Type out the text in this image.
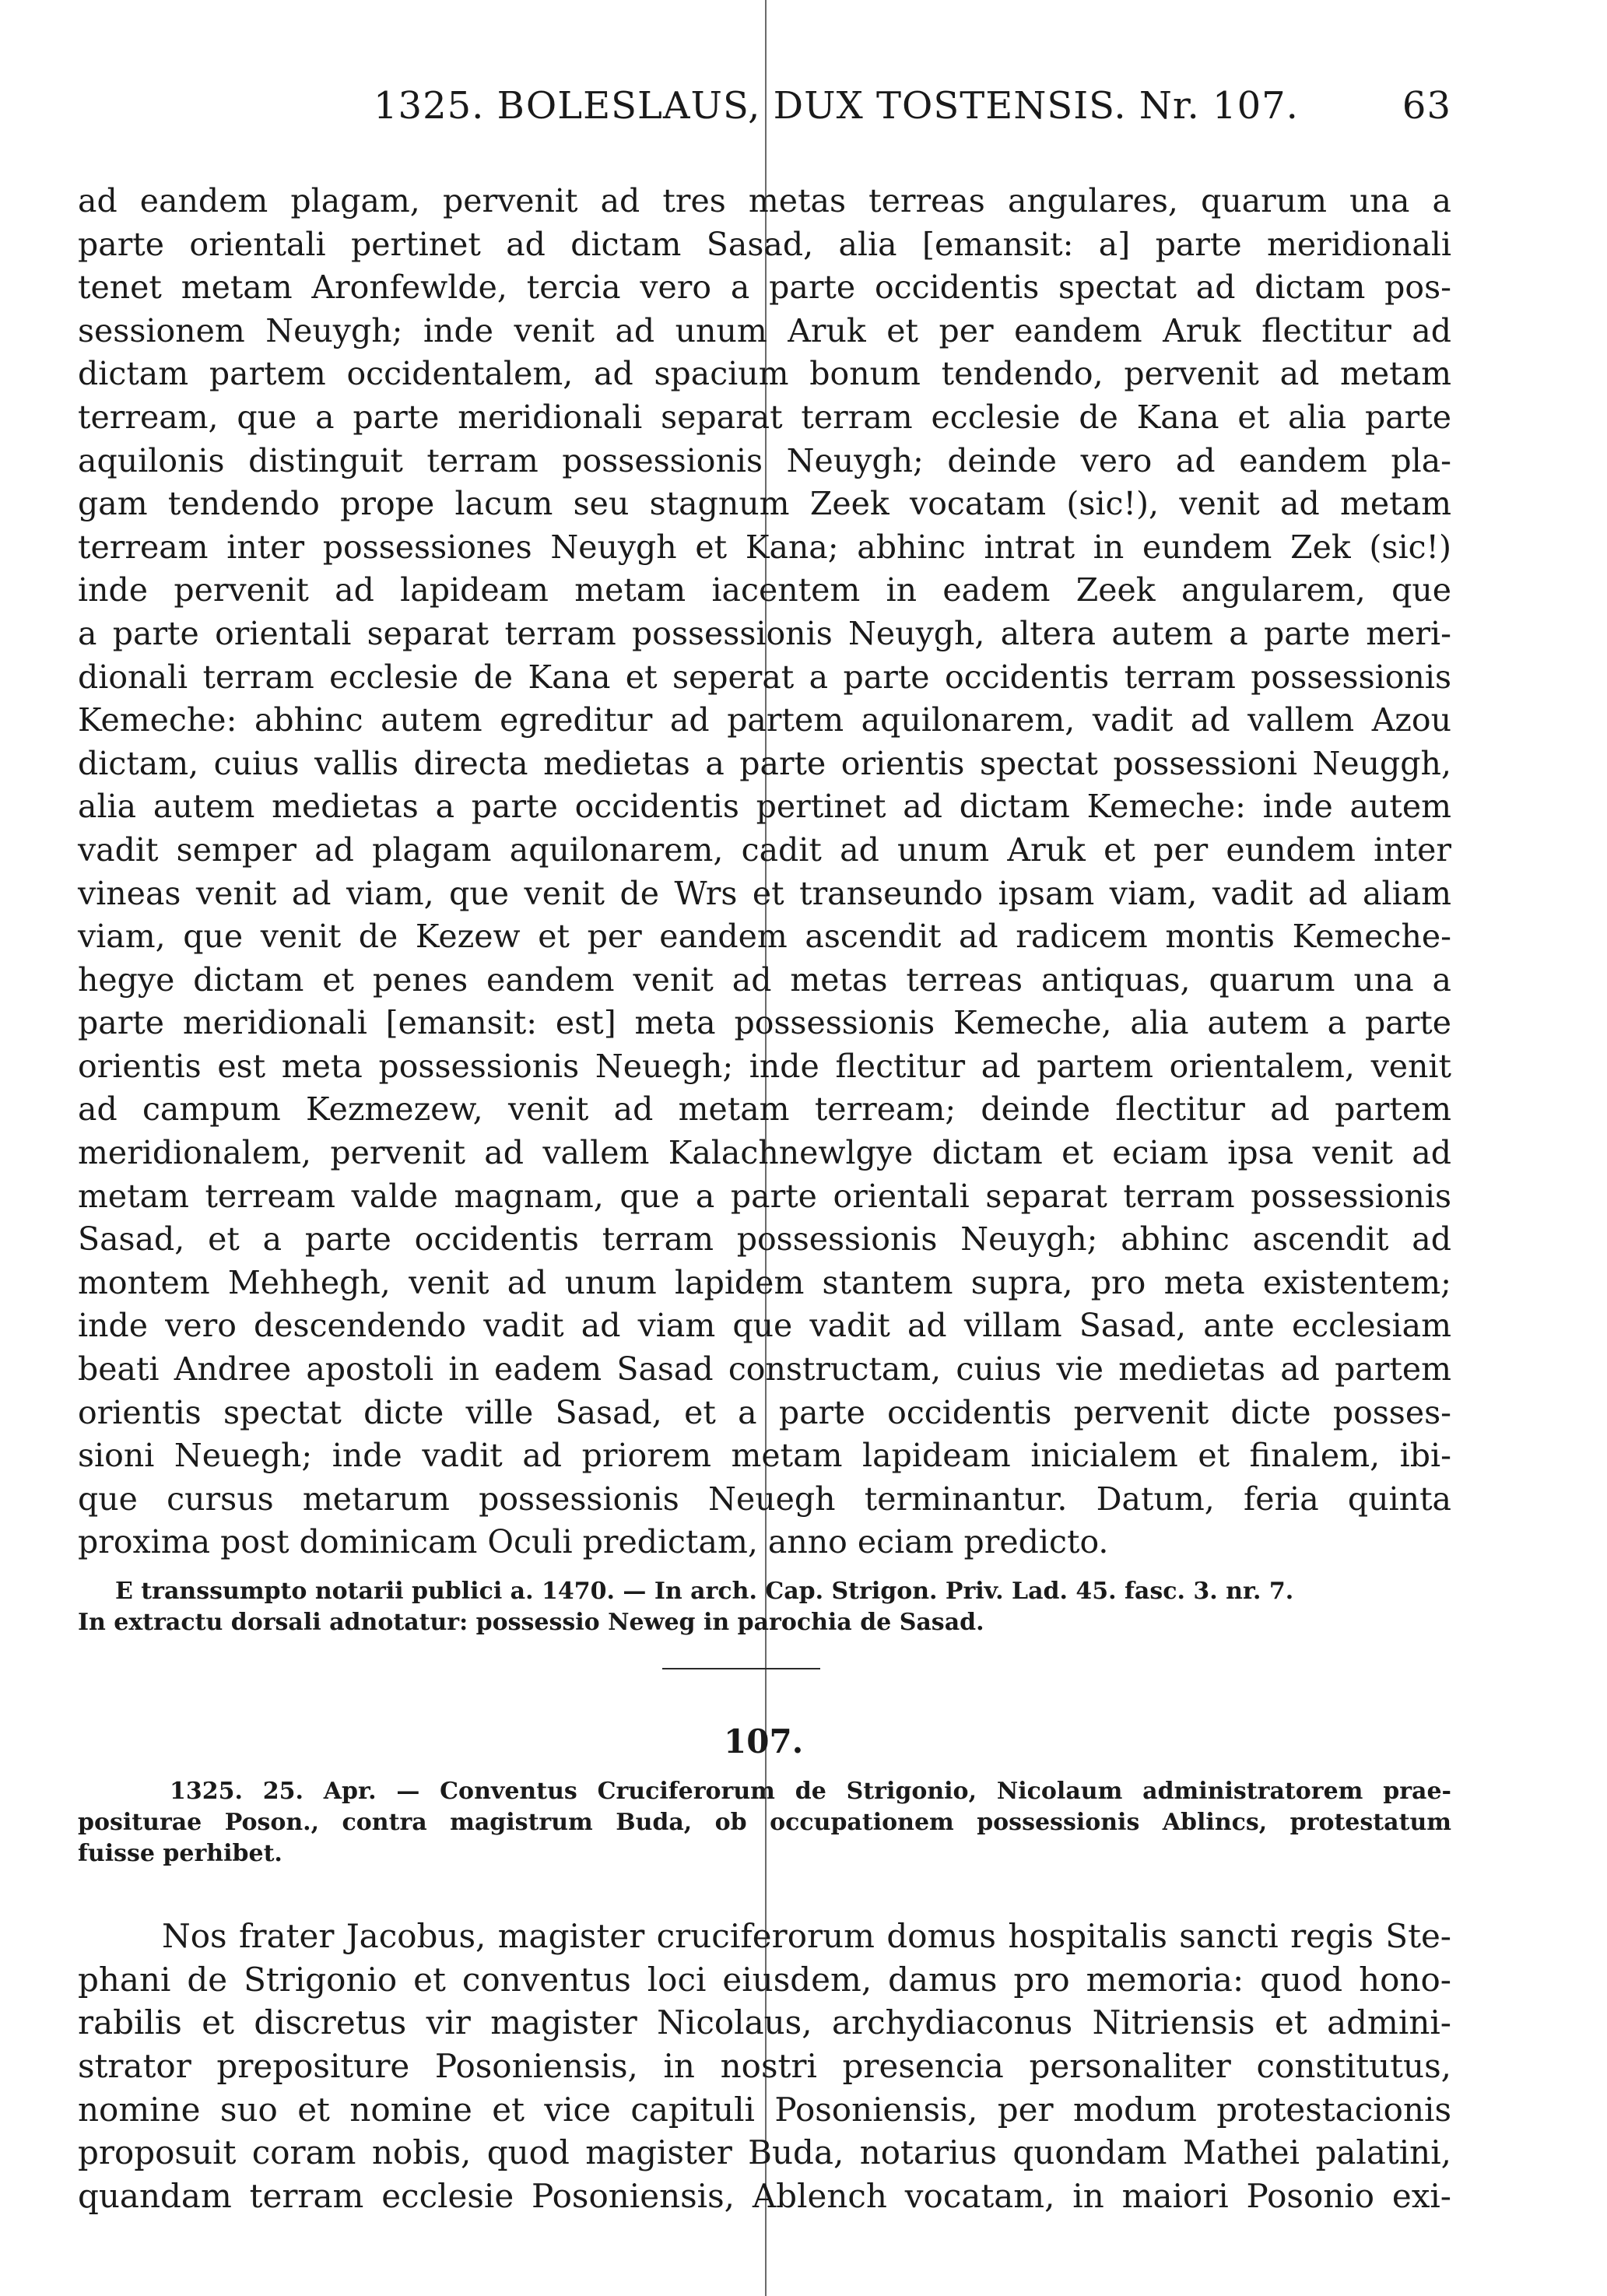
1325. BOLESLAUS, DUX TOSTENSIS. Nr. 107.	63
ad eandem plagam, pervenit ad tres metas terreas angulares, quarum una a
parte orientali pertinet ad dictam Sasad, alia [emansit: a] parte meridionali
tenet metam Aronfewlde, tercia vero a parte occidentis spectat ad dictam pos-
sessionem Neuygh; inde venit ad unum Aruk et per eandem Aruk flectitur ad
dictam partem occidentalem, ad spacium bonum tendendo, pervenit ad metam
terream, que a parte meridionali separat terram ecclesie de Kana et alia parte
aquilonis distinguit terram possessionis Neuygh; deinde vero ad eandem pla-
gam tendendo prope lacum seu stagnum Zeek vocatam (sic!), venit ad metam
terream inter possessiones Neuygh et Kana; abhinc intrat in eundem Zek (sic!)
inde pervenit ad lapideam metam iacentem in eadem Zeek angularem, que
a parte orientali separat terram possessionis Neuygh, altera autem a parte meri-
dionali terram ecclesie de Kana et seperat a parte occidentis terram possessionis
Kemeche: abhinc autem egreditur ad partem aquilonarem, vadit ad vallem Azou
dictam, cuius vallis directa medietas a parte orientis spectat possessioni Neuggh,
alia autem medietas a parte occidentis pertinet ad dictam Kemeche: inde autem
vadit semper ad plagam aquilonarem, cadit ad unum Aruk et per eundem inter
vineas venit ad viam, que venit de Wrs et transeundo ipsam viam, vadit ad aliam
viam, que venit de Kezew et per eandem ascendit ad radicem montis Kemeche-
hegye dictam et penes eandem venit ad metas terreas antiquas, quarum una a
parte meridionali [emansit: est] meta possessionis Kemeche, alia autem a parte
orientis est meta possessionis Neuegh; inde flectitur ad partem orientalem, venit
ad campum Kezmezew, venit ad metam terream; deinde flectitur ad partem
meridionalem, pervenit ad vallem Kalachnewlgye dictam et eciam ipsa venit ad
metam terream valde magnam, que a parte orientali separat terram possessionis
Sasad, et a parte occidentis terram possessionis Neuygh; abhinc ascendit ad
montem Mehhegh, venit ad unum lapidem stantem supra, pro meta existentem;
inde vero descendendo vadit ad viam que vadit ad villam Sasad, ante ecclesiam
beati Andree apostoli in eadem Sasad constructam, cuius vie medietas ad partem
orientis spectat dicte ville Sasad, et a parte occidentis pervenit dicte posses-
sioni Neuegh; inde vadit ad priorem metam lapideam inicialem et finalem, ibi-
que cursus metarum possessionis Neuegh terminantur. Datum, feria quinta
proxima post dominicam Oculi predictam, anno eciam predicto.
E transsumpto notarii publici a. 1470. — In arch. Cap. Strigon. Priv. Lad. 45. fasc. 3. nr. 7.
In extractu dorsali adnotatur: possessio Neweg in parochia de Sasad.
107.
1325. 25. Apr. — Conventus Cruciferorum de Strigonio, Nicolaum administratorem prae-
positurae Poson., contra magistrum Buda, ob occupationem possessionis Ablincs, protestatum
fuisse perhibet.
Nos frater Jacobus, magister cruciferorum domus hospitalis sancti regis Ste-
phani de Strigonio et conventus loci eiusdem, damus pro memoria: quod hono-
rabilis et discretus vir magister Nicolaus, archydiaconus Nitriensis et admini-
strator prepositure Posoniensis, in nostri presencia personaliter constitutus,
nomine suo et nomine et vice capituli Posoniensis, per modum protestacionis
proposuit coram nobis, quod magister Buda, notarius quondam Mathei palatini,
quandam terram ecclesie Posoniensis, Ablench vocatam, in maiori Posonio exi-
